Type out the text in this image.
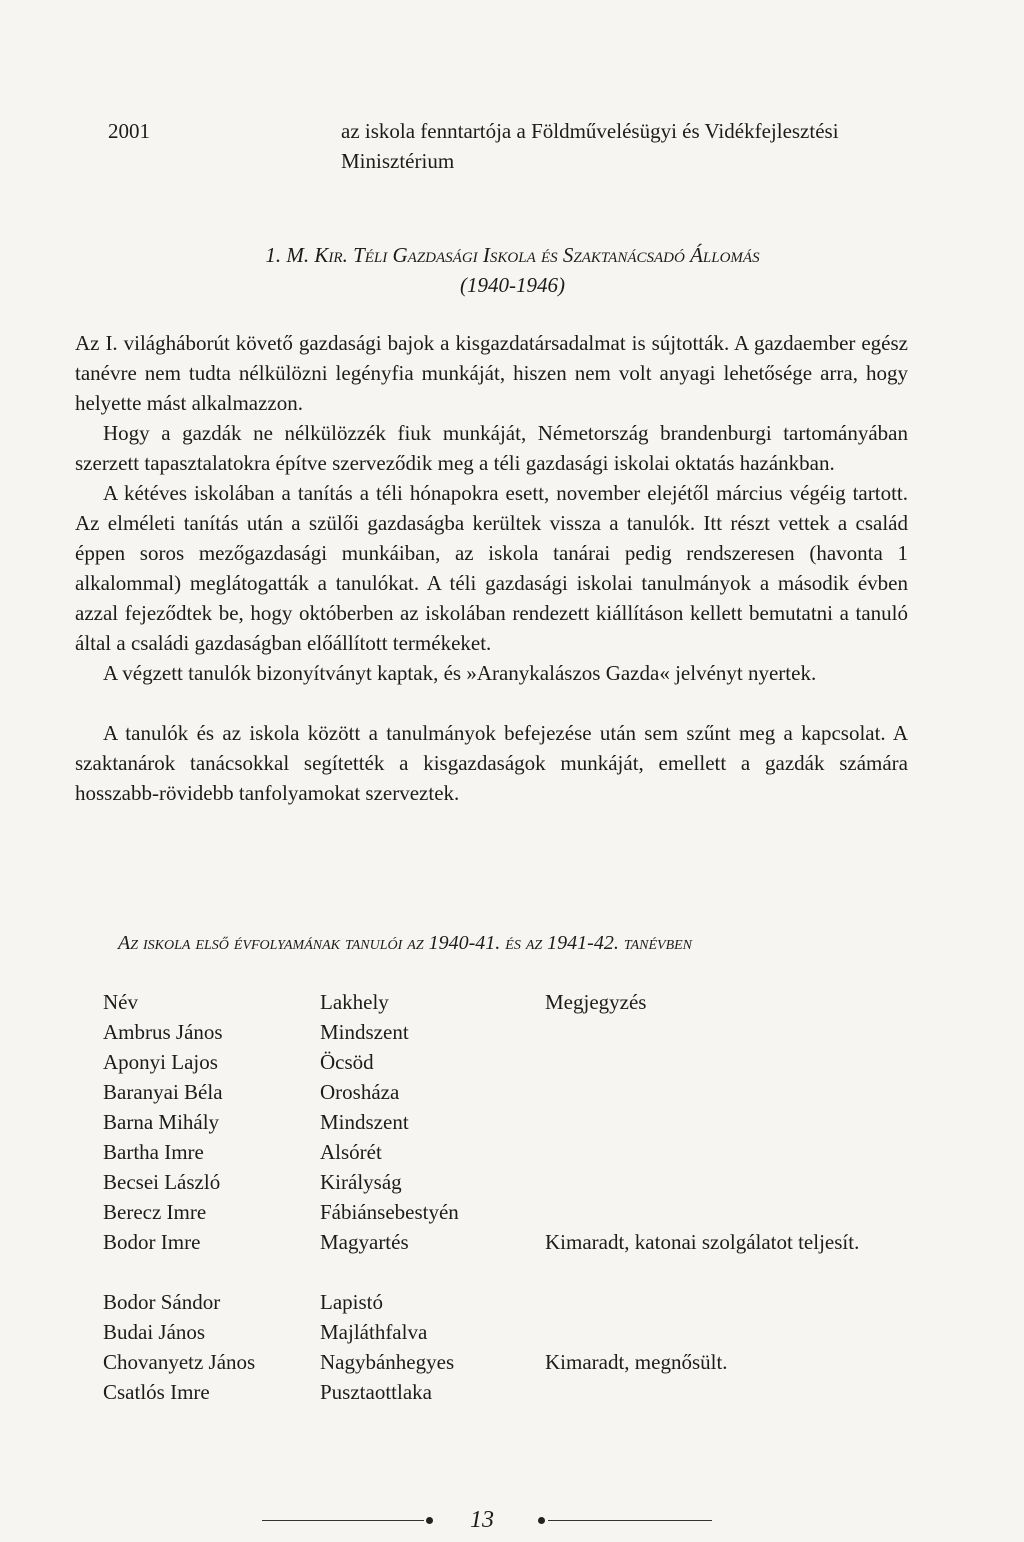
2001	az iskola fenntartója a Földművelésügyi és Vidékfejlesztési Minisztérium
1. M. Kir. Téli Gazdasági Iskola és Szaktanácsadó Állomás
(1940-1946)

Az I. világháborút követő gazdasági bajok a kisgazdatársadalmat is sújtották. A gazdaember egész tanévre nem tudta nélkülözni legényfia munkáját, hiszen nem volt anyagi lehetősége arra, hogy helyette mást alkalmazzon.

Hogy a gazdák ne nélkülözzék fiuk munkáját, Németország brandenburgi tartományában szerzett tapasztalatokra építve szerveződik meg a téli gazdasági iskolai oktatás hazánkban.

A kétéves iskolában a tanítás a téli hónapokra esett, november elejétől március végéig tartott. Az elméleti tanítás után a szülői gazdaságba kerültek vissza a tanulók. Itt részt vettek a család éppen soros mezőgazdasági munkáiban, az iskola tanárai pedig rendszeresen (havonta 1 alkalommal) meglátogatták a tanulókat. A téli gazdasági iskolai tanulmányok a második évben azzal fejeződtek be, hogy októberben az iskolában rendezett kiállításon kellett bemutatni a tanuló által a családi gazdaságban előállított termékeket.

A végzett tanulók bizonyítványt kaptak, és »Aranykalászos Gazda« jelvényt nyertek.

A tanulók és az iskola között a tanulmányok befejezése után sem szűnt meg a kapcsolat. A szaktanárok tanácsokkal segítették a kisgazdaságok munkáját, emellett a gazdák számára hosszabb-rövidebb tanfolyamokat szerveztek.

Az iskola első évfolyamának tanulói az 1940-41. és az 1941-42. tanévben
Név	Lakhely	Megjegyzés
Ambrus János	Mindszent
Aponyi Lajos	Öcsöd
Baranyai Béla	Orosháza
Barna Mihály	Mindszent
Bartha Imre	Alsórét
Becsei László	Királyság
Berecz Imre	Fábiánsebestyén
Bodor Imre	Magyartés	Kimaradt, katonai szolgálatot teljesít.
Bodor Sándor	Lapistó
Budai János	Majláthfalva
Chovanyetz János	Nagybánhegyes	Kimaradt, megnősült.
Csatlós Imre	Pusztaottlaka
13
